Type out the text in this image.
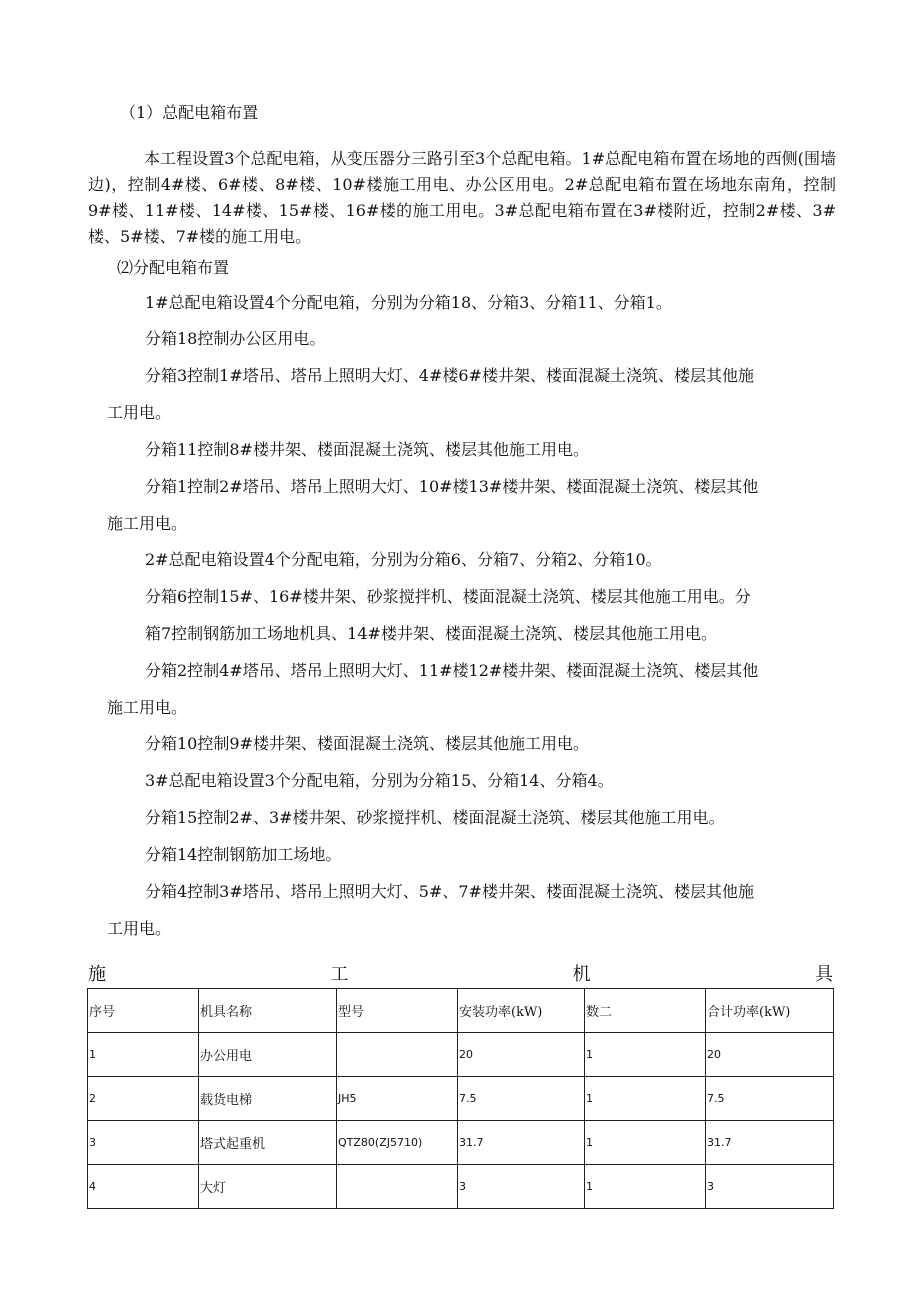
（1）总配电箱布置

本工程设置3个总配电箱，从变压器分三路引至3个总配电箱。1#总配电箱布置在场地的西侧(围墙边)，控制4#楼、6#楼、8#楼、10#楼施工用电、办公区用电。2#总配电箱布置在场地东南角，控制9#楼、11#楼、14#楼、15#楼、16#楼的施工用电。3#总配电箱布置在3#楼附近，控制2#楼、3#楼、5#楼、7#楼的施工用电。

⑵分配电箱布置
1#总配电箱设置4个分配电箱，分别为分箱18、分箱3、分箱11、分箱1。
分箱18控制办公区用电。
分箱3控制1#塔吊、塔吊上照明大灯、4#楼6#楼井架、楼面混凝土浇筑、楼层其他施
工用电。
分箱11控制8#楼井架、楼面混凝土浇筑、楼层其他施工用电。
分箱1控制2#塔吊、塔吊上照明大灯、10#楼13#楼井架、楼面混凝土浇筑、楼层其他
施工用电。
2#总配电箱设置4个分配电箱，分别为分箱6、分箱7、分箱2、分箱10。
分箱6控制15#、16#楼井架、砂浆搅拌机、楼面混凝土浇筑、楼层其他施工用电。分
箱7控制钢筋加工场地机具、14#楼井架、楼面混凝土浇筑、楼层其他施工用电。
分箱2控制4#塔吊、塔吊上照明大灯、11#楼12#楼井架、楼面混凝土浇筑、楼层其他
施工用电。
分箱10控制9#楼井架、楼面混凝土浇筑、楼层其他施工用电。
3#总配电箱设置3个分配电箱，分别为分箱15、分箱14、分箱4。
分箱15控制2#、3#楼井架、砂浆搅拌机、楼面混凝土浇筑、楼层其他施工用电。
分箱14控制钢筋加工场地。
分箱4控制3#塔吊、塔吊上照明大灯、5#、7#楼井架、楼面混凝土浇筑、楼层其他施
工用电。
施	工	机	具
序号	机具名称	型号	安装功率(kW)	数二	合计功率(kW)
1	办公用电		20	1	20
2	载货电梯	JH5	7.5	1	7.5
3	塔式起重机	QTZ80(ZJ5710)	31.7	1	31.7
4	大灯		3	1	3
